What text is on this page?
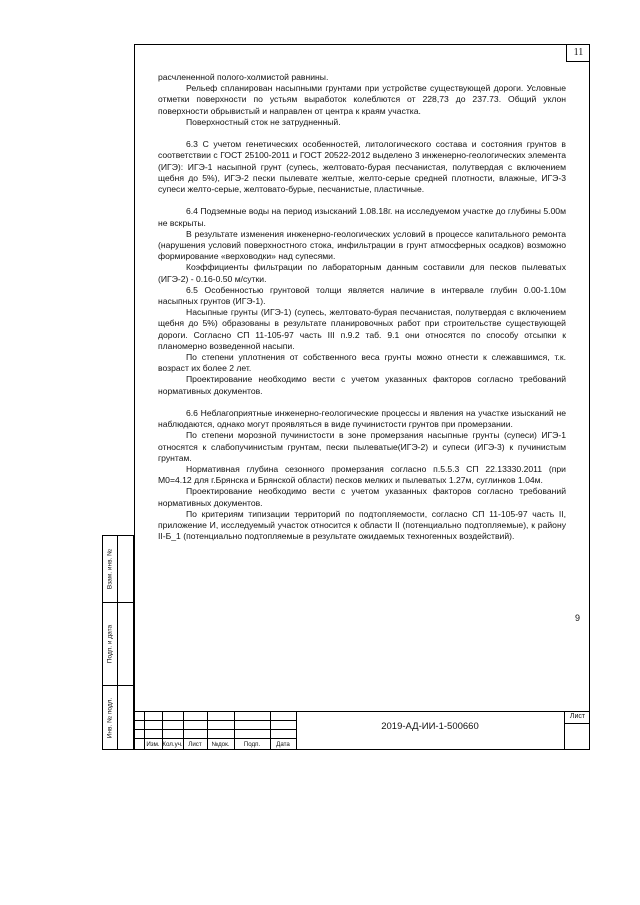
11

расчлененной полого-холмистой равнины.

Рельеф спланирован насыпными грунтами при устройстве существующей дороги. Условные отметки поверхности по устьям выработок колеблются от 228,73 до 237.73. Общий уклон поверхности обрывистый и направлен от центра к краям участка.

Поверхностный сток не затрудненный.

6.3 С учетом генетических особенностей, литологического состава и состояния грунтов в соответствии с ГОСТ 25100-2011 и ГОСТ 20522-2012 выделено 3 инженерно-геологических элемента (ИГЭ): ИГЭ-1 насыпной грунт (супесь, желтовато-бурая песчанистая, полутвердая с включением щебня до 5%), ИГЭ-2 пески пылевате желтые, желто-серые средней плотности, влажные, ИГЭ-3 супеси желто-серые, желтовато-бурые, песчанистые, пластичные.

6.4 Подземные воды на период изысканий 1.08.18г. на исследуемом участке до глубины 5.00м не вскрыты.

В результате изменения инженерно-геологических условий в процессе капитального ремонта (нарушения условий поверхностного стока, инфильтрации в грунт атмосферных осадков) возможно формирование «верховодки» над супесями.

Коэффициенты фильтрации по лабораторным данным составили для песков пылеватых (ИГЭ-2) - 0.16-0.50 м/сутки.

6.5 Особенностью грунтовой толщи является наличие в интервале глубин 0.00-1.10м насыпных грунтов (ИГЭ-1).

Насыпные грунты (ИГЭ-1) (супесь, желтовато-бурая песчанистая, полутвердая с включением щебня до 5%) образованы в результате планировочных работ при строительстве существующей дороги. Согласно СП 11-105-97 часть III п.9.2 таб. 9.1 они относятся по способу отсыпки к планомерно возведенной насыпи.

По степени уплотнения от собственного веса грунты можно отнести к слежавшимся, т.к. возраст их более 2 лет.

Проектирование необходимо вести с учетом указанных факторов согласно требований нормативных документов.

6.6 Неблагоприятные инженерно-геологические процессы и явления на участке изысканий не наблюдаются, однако могут проявляться в виде пучинистости грунтов при промерзании.

По степени морозной пучинистости в зоне промерзания насыпные грунты (супеси) ИГЭ-1 относятся к слабопучинистым грунтам, пески пылеватые(ИГЭ-2) и супеси (ИГЭ-3) к пучинистым грунтам.

Нормативная глубина сезонного промерзания согласно п.5.5.3 СП 22.13330.2011 (при М0=4.12 для г.Брянска и Брянской области) песков мелких и пылеватых 1.27м, суглинков 1.04м.

Проектирование необходимо вести с учетом указанных факторов согласно требований нормативных документов.

По критериям типизации территорий по подтопляемости, согласно СП 11-105-97 часть II, приложение И, исследуемый участок относится к области II (потенциально подтопляемые), к району II-Б_1 (потенциально подтопляемые в результате ожидаемых техногенных воздействий).

9
Взам. инв. №
Подп. и дата
Инв. № подл.
Изм. Кол.уч. Лист	№док.	Подп.	Дата
2019-АД-ИИ-1-500660
Лист
